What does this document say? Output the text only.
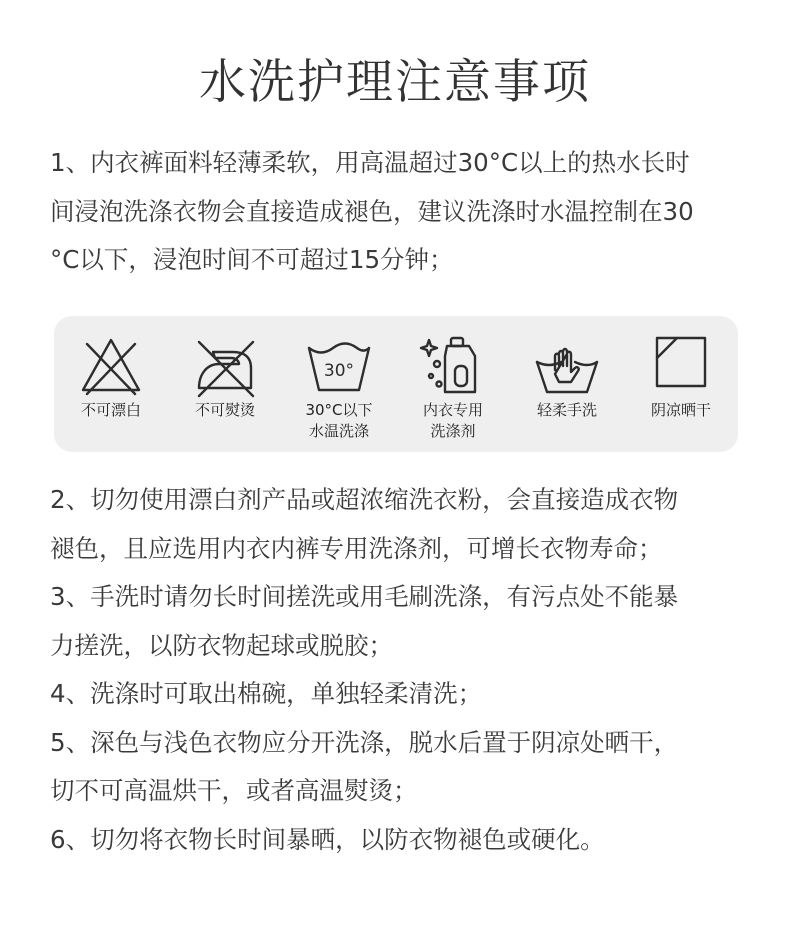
水洗护理注意事项
1、内衣裤面料轻薄柔软，用高温超过30°C以上的热水长时
间浸泡洗涤衣物会直接造成褪色，建议洗涤时水温控制在30
°C以下，浸泡时间不可超过15分钟；
不可漂白	不可熨烫
30°
30°C以下
水温洗涤
内衣专用
洗涤剂
轻柔手洗	阴凉晒干
2、切勿使用漂白剂产品或超浓缩洗衣粉，会直接造成衣物
褪色，且应选用内衣内裤专用洗涤剂，可增长衣物寿命；
3、手洗时请勿长时间搓洗或用毛刷洗涤，有污点处不能暴
力搓洗，以防衣物起球或脱胶；
4、洗涤时可取出棉碗，单独轻柔清洗；
5、深色与浅色衣物应分开洗涤，脱水后置于阴凉处晒干，
切不可高温烘干，或者高温熨烫；
6、切勿将衣物长时间暴晒，以防衣物褪色或硬化。
